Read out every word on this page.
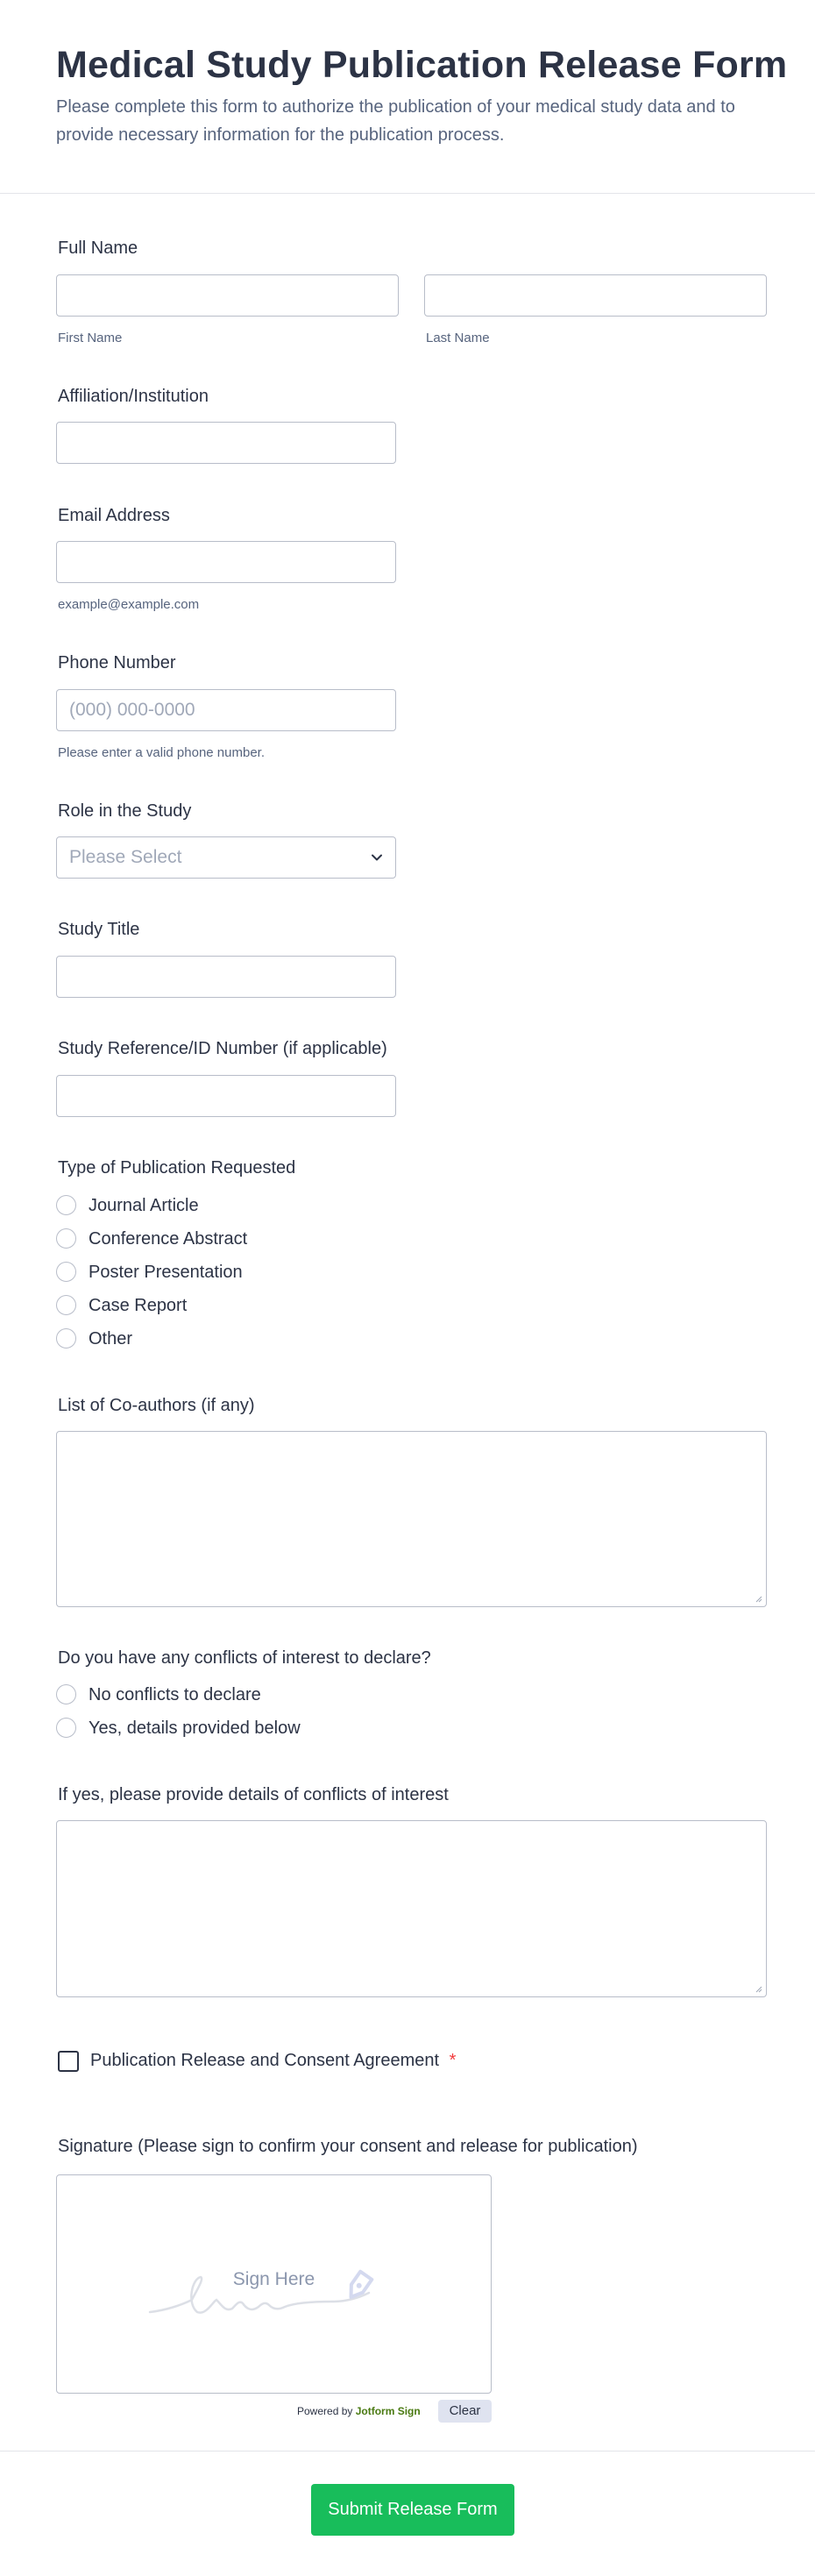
Medical Study Publication Release Form
Please complete this form to authorize the publication of your medical study data and to provide necessary information for the publication process.
Full Name
First Name	Last Name
Affiliation/Institution
Email Address
example@example.com
Phone Number
(000) 000-0000
Please enter a valid phone number.
Role in the Study
Please Select
Study Title
Study Reference/ID Number (if applicable)
Type of Publication Requested
Journal Article
Conference Abstract
Poster Presentation
Case Report
Other
List of Co-authors (if any)
Do you have any conflicts of interest to declare?
No conflicts to declare
Yes, details provided below
If yes, please provide details of conflicts of interest
Publication Release and Consent Agreement *
Signature (Please sign to confirm your consent and release for publication)
Sign Here
Powered by Jotform Sign	Clear
Submit Release Form
